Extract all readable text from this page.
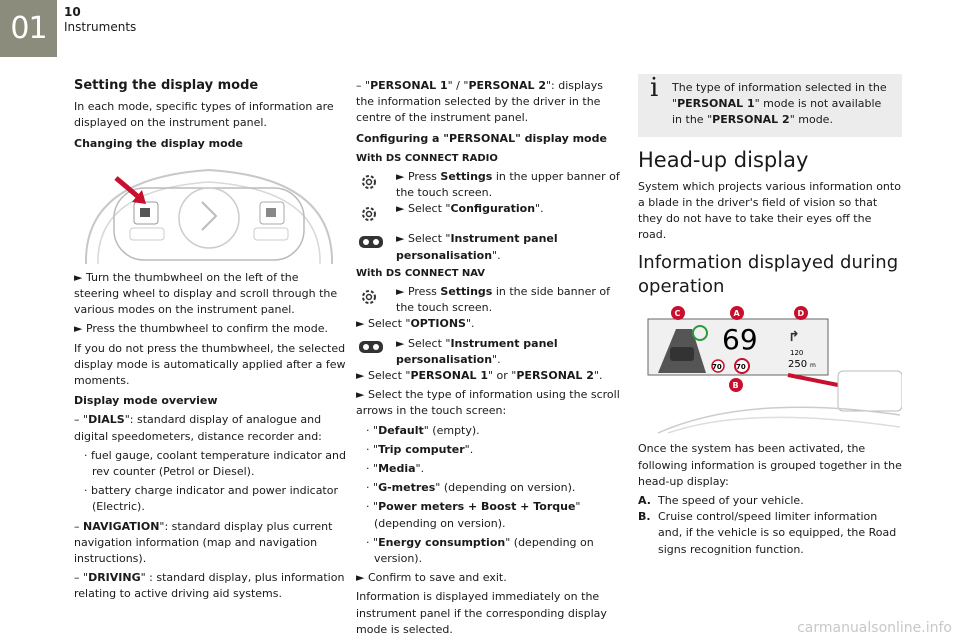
01	10
Instruments
Setting the display mode

In each mode, specific types of information are displayed on the instrument panel.

Changing the display mode

► Turn the thumbwheel on the left of the steering wheel to display and scroll through the various modes on the instrument panel.

► Press the thumbwheel to confirm the mode.

If you do not press the thumbwheel, the selected display mode is automatically applied after a few moments.

Display mode overview

– "DIALS": standard display of analogue and digital speedometers, distance recorder and:

· fuel gauge, coolant temperature indicator and rev counter (Petrol or Diesel).

· battery charge indicator and power indicator (Electric).

– NAVIGATION": standard display plus current navigation information (map and navigation instructions).

– "DRIVING" : standard display, plus information relating to active driving aid systems.

– "PERSONAL 1" / "PERSONAL 2": displays the information selected by the driver in the centre of the instrument panel.

Configuring a "PERSONAL" display mode

With DS CONNECT RADIO

► Press Settings in the upper banner of the touch screen.
► Select "Configuration".
► Select "Instrument panel personalisation".

With DS CONNECT NAV

► Press Settings in the side banner of the touch screen.

► Select "OPTIONS".

► Select "Instrument panel personalisation".

► Select "PERSONAL 1" or "PERSONAL 2".

► Select the type of information using the scroll arrows in the touch screen:

· "Default" (empty).

· "Trip computer".

· "Media".

· "G-metres" (depending on version).

· "Power meters + Boost + Torque" (depending on version).

· "Energy consumption" (depending on version).

► Confirm to save and exit.

Information is displayed immediately on the instrument panel if the corresponding display mode is selected.

i The type of information selected in the "PERSONAL 1" mode is not available in the "PERSONAL 2" mode.
Head-up display

System which projects various information onto a blade in the driver's field of vision so that they do not have to take their eyes off the road.

Information displayed during operation
69
70 70
↱
120
250 m
C	A	D
B

Once the system has been activated, the following information is grouped together in the head-up display:

A. The speed of your vehicle.
B. Cruise control/speed limiter information and, if the vehicle is so equipped, the Road signs recognition function.
carmanualsonline.info
